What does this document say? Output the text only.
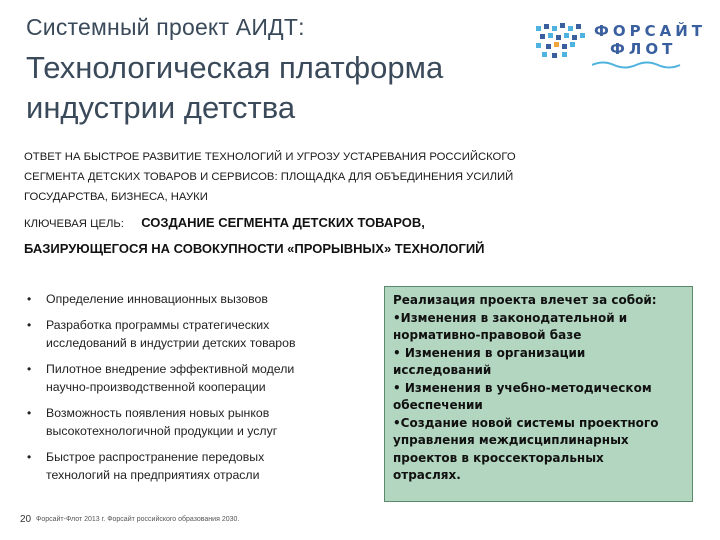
Системный проект АИДТ:
Технологическая платформа
индустрии детства
ФОРСАЙТ
ФЛОТ
ОТВЕТ НА БЫСТРОЕ РАЗВИТИЕ ТЕХНОЛОГИЙ И УГРОЗУ УСТАРЕВАНИЯ РОССИЙСКОГО
СЕГМЕНТА ДЕТСКИХ ТОВАРОВ И СЕРВИСОВ: ПЛОЩАДКА ДЛЯ ОБЪЕДИНЕНИЯ УСИЛИЙ
ГОСУДАРСТВА, БИЗНЕСА, НАУКИ
КЛЮЧЕВАЯ ЦЕЛЬ: СОЗДАНИЕ СЕГМЕНТА ДЕТСКИХ ТОВАРОВ,
БАЗИРУЮЩЕГОСЯ НА СОВОКУПНОСТИ «ПРОРЫВНЫХ» ТЕХНОЛОГИЙ
• Определение инновационных вызовов
• Разработка программы стратегических
исследований в индустрии детских товаров
• Пилотное внедрение эффективной модели
научно-производственной кооперации
• Возможность появления новых рынков
высокотехнологичной продукции и услуг
• Быстрое распространение передовых
технологий на предприятиях отрасли
Реализация проекта влечет за собой:
•Изменения в законодательной и
нормативно-правовой базе
• Изменения в организации
исследований
• Изменения в учебно-методическом
обеспечении
•Создание новой системы проектного
управления междисциплинарных
проектов в кроссекторальных
отраслях.
20 Форсайт-Флот 2013 г. Форсайт российского образования 2030.
